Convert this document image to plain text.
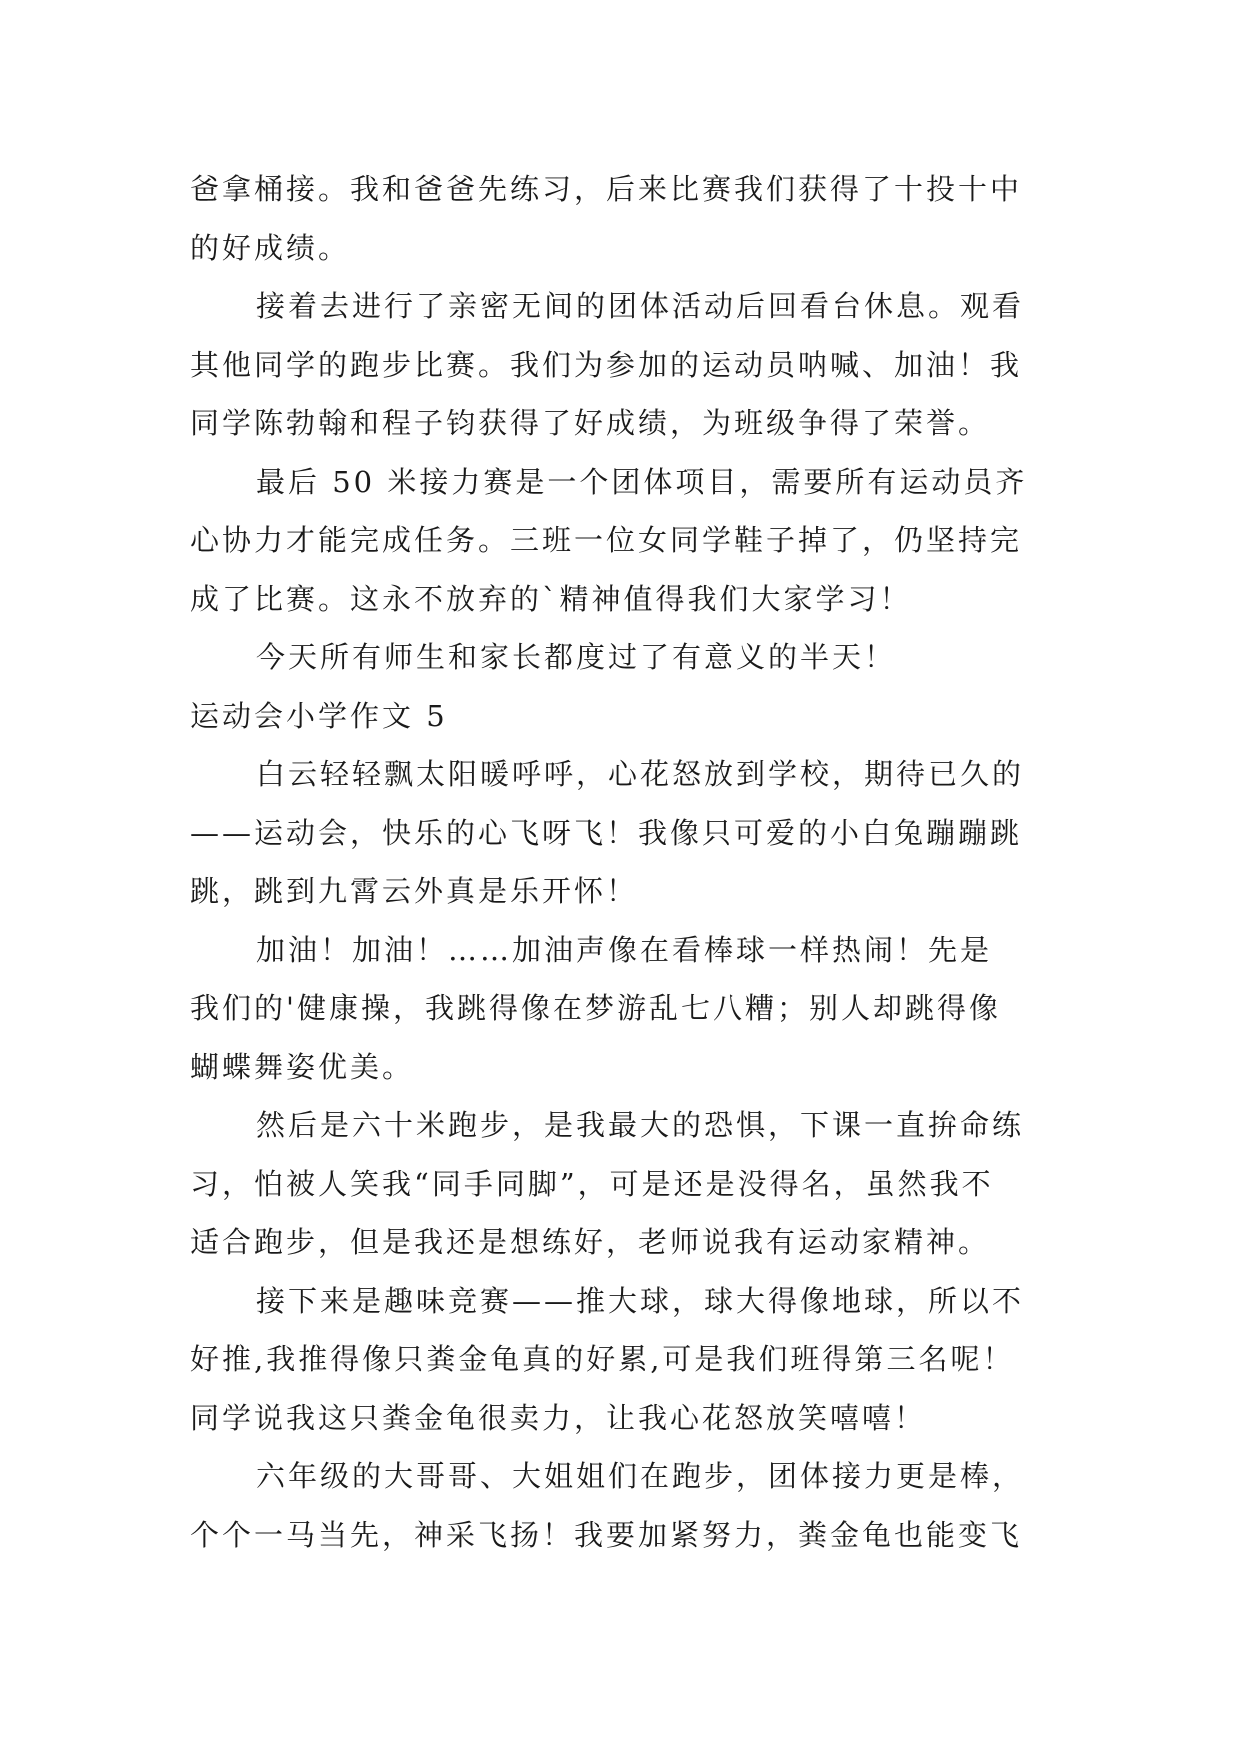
爸拿桶接。我和爸爸先练习，后来比赛我们获得了十投十中
的好成绩。
接着去进行了亲密无间的团体活动后回看台休息。观看
其他同学的跑步比赛。我们为参加的运动员呐喊、加油！我
同学陈勃翰和程子钧获得了好成绩，为班级争得了荣誉。
最后 50 米接力赛是一个团体项目，需要所有运动员齐
心协力才能完成任务。三班一位女同学鞋子掉了，仍坚持完
成了比赛。这永不放弃的`精神值得我们大家学习！
今天所有师生和家长都度过了有意义的半天！
运动会小学作文 5
白云轻轻飘太阳暖呼呼，心花怒放到学校，期待已久的
——运动会，快乐的心飞呀飞！我像只可爱的小白兔蹦蹦跳
跳，跳到九霄云外真是乐开怀！
加油！加油！……加油声像在看棒球一样热闹！先是
我们的'健康操，我跳得像在梦游乱七八糟；别人却跳得像
蝴蝶舞姿优美。
然后是六十米跑步，是我最大的恐惧，下课一直拚命练
习，怕被人笑我“同手同脚”，可是还是没得名，虽然我不
适合跑步，但是我还是想练好，老师说我有运动家精神。
接下来是趣味竞赛——推大球，球大得像地球，所以不
好推,我推得像只粪金龟真的好累,可是我们班得第三名呢！
同学说我这只粪金龟很卖力，让我心花怒放笑嘻嘻！
六年级的大哥哥、大姐姐们在跑步，团体接力更是棒，
个个一马当先，神采飞扬！我要加紧努力，粪金龟也能变飞
